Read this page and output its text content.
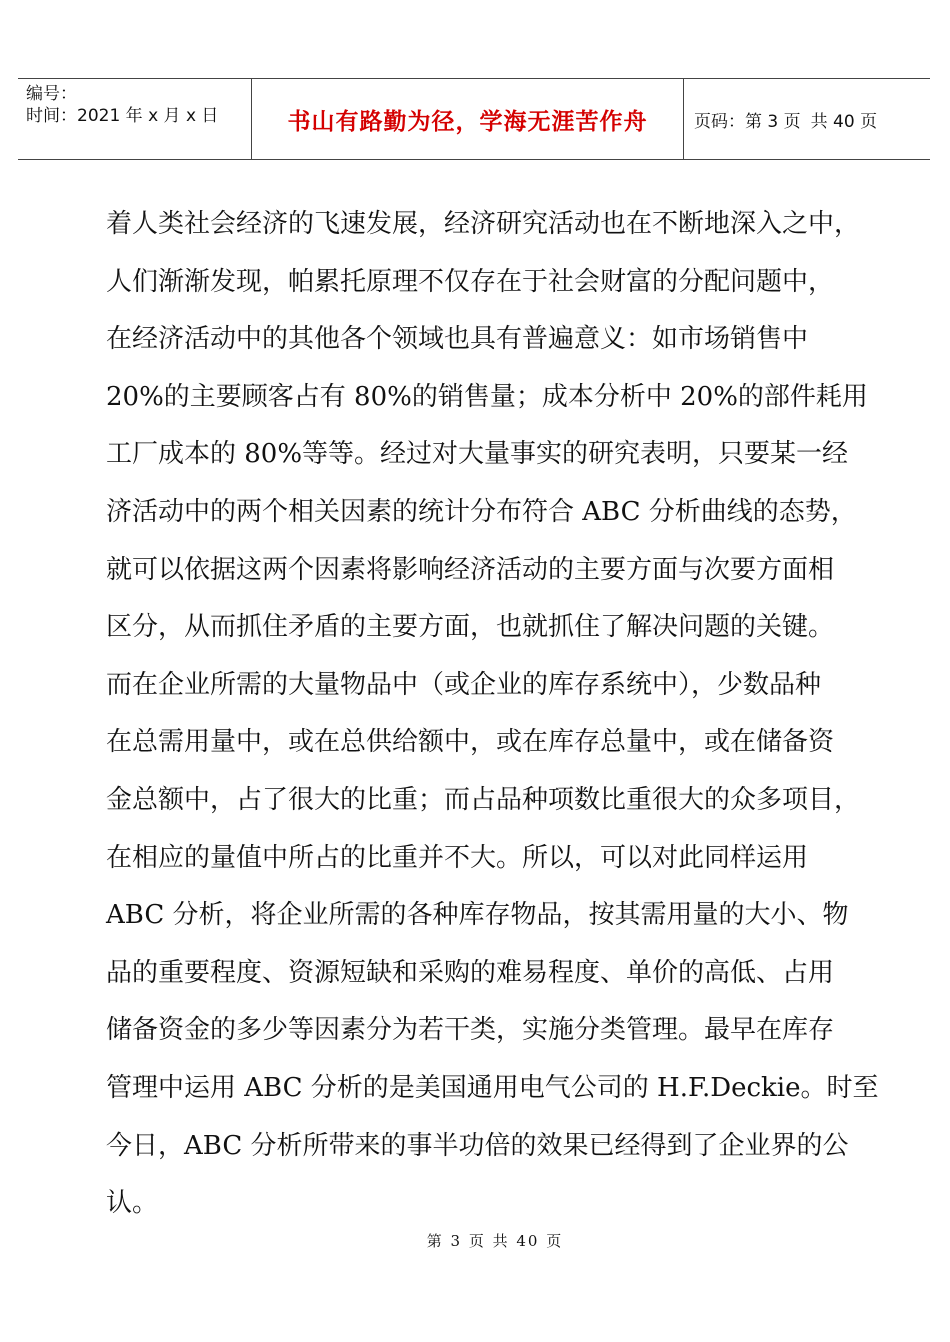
编号：
时间：2021 年 x 月 x 日	书山有路勤为径，学海无涯苦作舟	页码：第 3 页 共 40 页
着人类社会经济的飞速发展，经济研究活动也在不断地深入之中，
人们渐渐发现，帕累托原理不仅存在于社会财富的分配问题中，
在经济活动中的其他各个领域也具有普遍意义：如市场销售中
20%的主要顾客占有 80%的销售量；成本分析中 20%的部件耗用
工厂成本的 80%等等。经过对大量事实的研究表明，只要某一经
济活动中的两个相关因素的统计分布符合 ABC 分析曲线的态势，
就可以依据这两个因素将影响经济活动的主要方面与次要方面相
区分，从而抓住矛盾的主要方面，也就抓住了解决问题的关键。
而在企业所需的大量物品中（或企业的库存系统中），少数品种
在总需用量中，或在总供给额中，或在库存总量中，或在储备资
金总额中，占了很大的比重；而占品种项数比重很大的众多项目，
在相应的量值中所占的比重并不大。所以，可以对此同样运用
ABC 分析，将企业所需的各种库存物品，按其需用量的大小、物
品的重要程度、资源短缺和采购的难易程度、单价的高低、占用
储备资金的多少等因素分为若干类，实施分类管理。最早在库存
管理中运用 ABC 分析的是美国通用电气公司的 H.F.Deckie。时至
今日，ABC 分析所带来的事半功倍的效果已经得到了企业界的公
认。
第 3 页 共 40 页
